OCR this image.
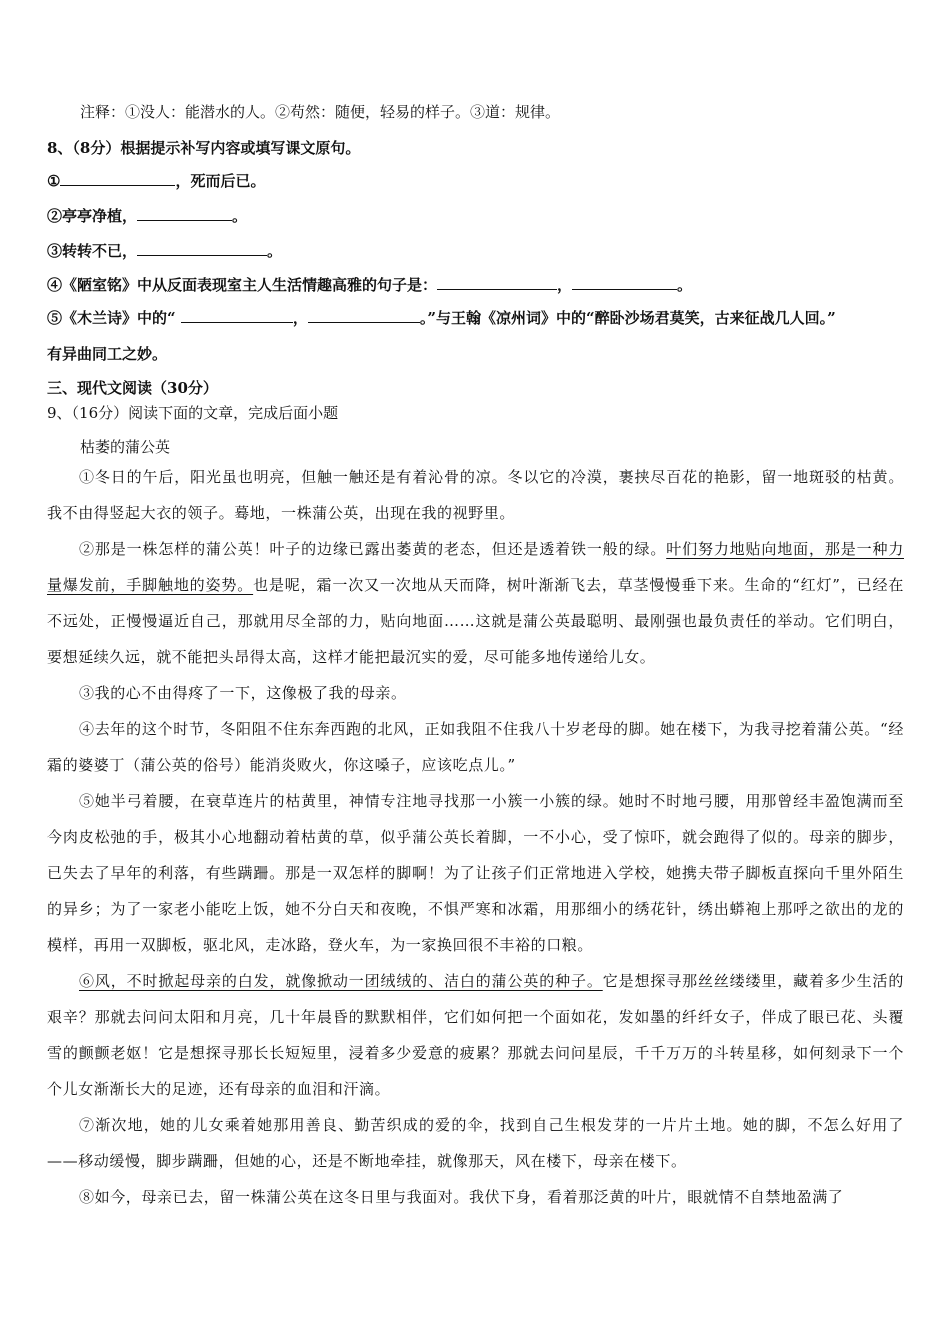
注释：①没人：能潜水的人。②苟然：随便，轻易的样子。③道：规律。
8、（8分）根据提示补写内容或填写课文原句。
①	，死而后已。
②亭亭净植，	。
③转转不已，	。
④《陋室铭》中从反面表现室主人生活情趣高雅的句子是：	，	。
⑤《木兰诗》中的“	，	。”与王翰《凉州词》中的“醉卧沙场君莫笑，古来征战几人回。”
有异曲同工之妙。
三、现代文阅读（30分）
9、（16分）阅读下面的文章，完成后面小题
枯萎的蒲公英
①冬日的午后，阳光虽也明亮，但触一触还是有着沁骨的凉。冬以它的冷漠，裹挟尽百花的艳影，留一地斑驳的枯黄。我不由得竖起大衣的领子。蓦地，一株蒲公英，出现在我的视野里。
②那是一株怎样的蒲公英！叶子的边缘已露出萎黄的老态，但还是透着铁一般的绿。叶们努力地贴向地面，那是一种力量爆发前，手脚触地的姿势。也是呢，霜一次又一次地从天而降，树叶渐渐飞去，草茎慢慢垂下来。生命的“红灯”，已经在不远处，正慢慢逼近自己，那就用尽全部的力，贴向地面……这就是蒲公英最聪明、最刚强也最负责任的举动。它们明白，要想延续久远，就不能把头昂得太高，这样才能把最沉实的爱，尽可能多地传递给儿女。
③我的心不由得疼了一下，这像极了我的母亲。
④去年的这个时节，冬阳阻不住东奔西跑的北风，正如我阻不住我八十岁老母的脚。她在楼下，为我寻挖着蒲公英。“经霜的婆婆丁（蒲公英的俗号）能消炎败火，你这嗓子，应该吃点儿。”
⑤她半弓着腰，在衰草连片的枯黄里，神情专注地寻找那一小簇一小簇的绿。她时不时地弓腰，用那曾经丰盈饱满而至今肉皮松弛的手，极其小心地翻动着枯黄的草，似乎蒲公英长着脚，一不小心，受了惊吓，就会跑得了似的。母亲的脚步，已失去了早年的利落，有些蹒跚。那是一双怎样的脚啊！为了让孩子们正常地进入学校，她携夫带子脚板直探向千里外陌生的异乡；为了一家老小能吃上饭，她不分白天和夜晚，不惧严寒和冰霜，用那细小的绣花针，绣出蟒袍上那呼之欲出的龙的模样，再用一双脚板，驱北风，走冰路，登火车，为一家换回很不丰裕的口粮。
⑥风，不时掀起母亲的白发，就像掀动一团绒绒的、洁白的蒲公英的种子。它是想探寻那丝丝缕缕里，藏着多少生活的艰辛？那就去问问太阳和月亮，几十年晨昏的默默相伴，它们如何把一个面如花，发如墨的纤纤女子，伴成了眼已花、头覆雪的颤颤老妪！它是想探寻那长长短短里，浸着多少爱意的疲累？那就去问问星辰，千千万万的斗转星移，如何刻录下一个个儿女渐渐长大的足迹，还有母亲的血泪和汗滴。
⑦渐次地，她的儿女乘着她那用善良、勤苦织成的爱的伞，找到自己生根发芽的一片片土地。她的脚，不怎么好用了——移动缓慢，脚步蹒跚，但她的心，还是不断地牵挂，就像那天，风在楼下，母亲在楼下。
⑧如今，母亲已去，留一株蒲公英在这冬日里与我面对。我伏下身，看着那泛黄的叶片，眼就情不自禁地盈满了
